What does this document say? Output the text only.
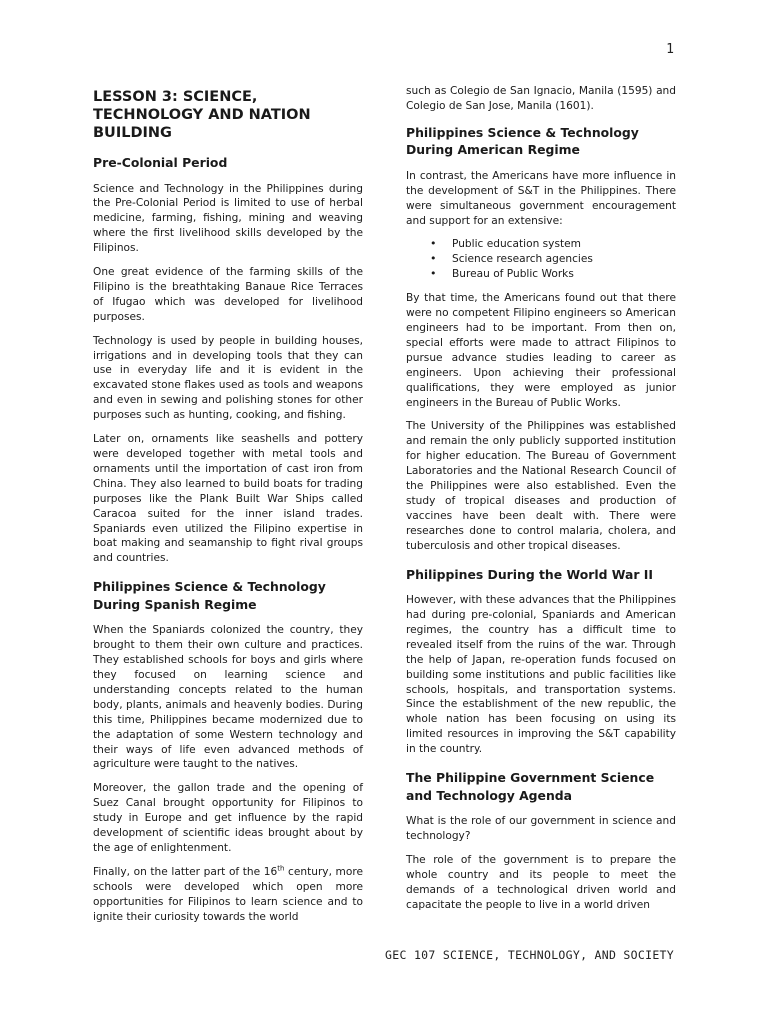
1
LESSON 3: SCIENCE, TECHNOLOGY AND NATION BUILDING
Pre-Colonial Period

Science and Technology in the Philippines during the Pre-Colonial Period is limited to use of herbal medicine, farming, fishing, mining and weaving where the first livelihood skills developed by the Filipinos.

One great evidence of the farming skills of the Filipino is the breathtaking Banaue Rice Terraces of Ifugao which was developed for livelihood purposes.

Technology is used by people in building houses, irrigations and in developing tools that they can use in everyday life and it is evident in the excavated stone flakes used as tools and weapons and even in sewing and polishing stones for other purposes such as hunting, cooking, and fishing.

Later on, ornaments like seashells and pottery were developed together with metal tools and ornaments until the importation of cast iron from China. They also learned to build boats for trading purposes like the Plank Built War Ships called Caracoa suited for the inner island trades. Spaniards even utilized the Filipino expertise in boat making and seamanship to fight rival groups and countries.

Philippines Science & Technology During Spanish Regime

When the Spaniards colonized the country, they brought to them their own culture and practices. They established schools for boys and girls where they focused on learning science and understanding concepts related to the human body, plants, animals and heavenly bodies. During this time, Philippines became modernized due to the adaptation of some Western technology and their ways of life even advanced methods of agriculture were taught to the natives.

Moreover, the gallon trade and the opening of Suez Canal brought opportunity for Filipinos to study in Europe and get influence by the rapid development of scientific ideas brought about by the age of enlightenment.

Finally, on the latter part of the 16th century, more schools were developed which open more opportunities for Filipinos to learn science and to ignite their curiosity towards the world

such as Colegio de San Ignacio, Manila (1595) and Colegio de San Jose, Manila (1601).

Philippines Science & Technology During American Regime

In contrast, the Americans have more influence in the development of S&T in the Philippines. There were simultaneous government encouragement and support for an extensive:

• Public education system
• Science research agencies
• Bureau of Public Works

By that time, the Americans found out that there were no competent Filipino engineers so American engineers had to be important. From then on, special efforts were made to attract Filipinos to pursue advance studies leading to career as engineers. Upon achieving their professional qualifications, they were employed as junior engineers in the Bureau of Public Works.

The University of the Philippines was established and remain the only publicly supported institution for higher education. The Bureau of Government Laboratories and the National Research Council of the Philippines were also established. Even the study of tropical diseases and production of vaccines have been dealt with. There were researches done to control malaria, cholera, and tuberculosis and other tropical diseases.

Philippines During the World War II

However, with these advances that the Philippines had during pre-colonial, Spaniards and American regimes, the country has a difficult time to revealed itself from the ruins of the war. Through the help of Japan, re-operation funds focused on building some institutions and public facilities like schools, hospitals, and transportation systems. Since the establishment of the new republic, the whole nation has been focusing on using its limited resources in improving the S&T capability in the country.

The Philippine Government Science and Technology Agenda

What is the role of our government in science and technology?

The role of the government is to prepare the whole country and its people to meet the demands of a technological driven world and capacitate the people to live in a world driven

GEC 107 SCIENCE, TECHNOLOGY, AND SOCIETY
